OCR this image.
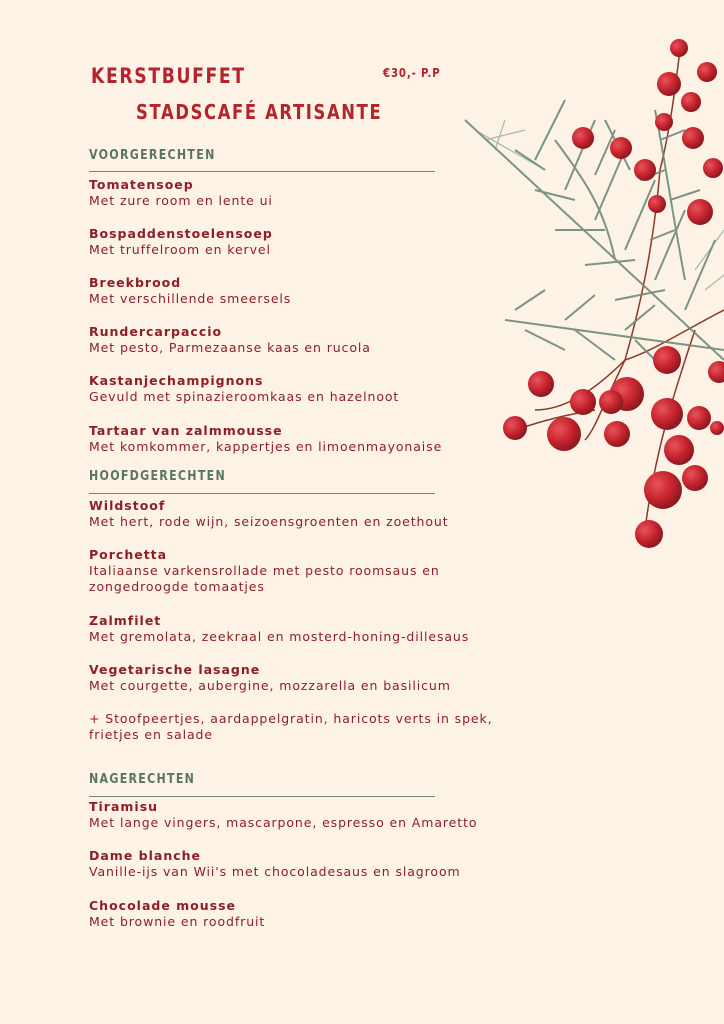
KERSTBUFFET
STADSCAFÉ ARTISANTE
€30,- P.P
VOORGERECHTEN
Tomatensoep
Met zure room en lente ui
Bospaddenstoelensoep
Met truffelroom en kervel
Breekbrood
Met verschillende smeersels
Rundercarpaccio
Met pesto, Parmezaanse kaas en rucola
Kastanjechampignons
Gevuld met spinazieroomkaas en hazelnoot
Tartaar van zalmmousse
Met komkommer, kappertjes en limoenmayonaise
HOOFDGERECHTEN
Wildstoof
Met hert, rode wijn, seizoensgroenten en zoethout
Porchetta
Italiaanse varkensrollade met pesto roomsaus en zongedroogde tomaatjes
Zalmfilet
Met gremolata, zeekraal en mosterd-honing-dillesaus
Vegetarische lasagne
Met courgette, aubergine, mozzarella en basilicum
+ Stoofpeertjes, aardappelgratin, haricots verts in spek, frietjes en salade
NAGERECHTEN
Tiramisu
Met lange vingers, mascarpone, espresso en Amaretto
Dame blanche
Vanille-ijs van Wii's met chocoladesaus en slagroom
Chocolade mousse
Met brownie en roodfruit
